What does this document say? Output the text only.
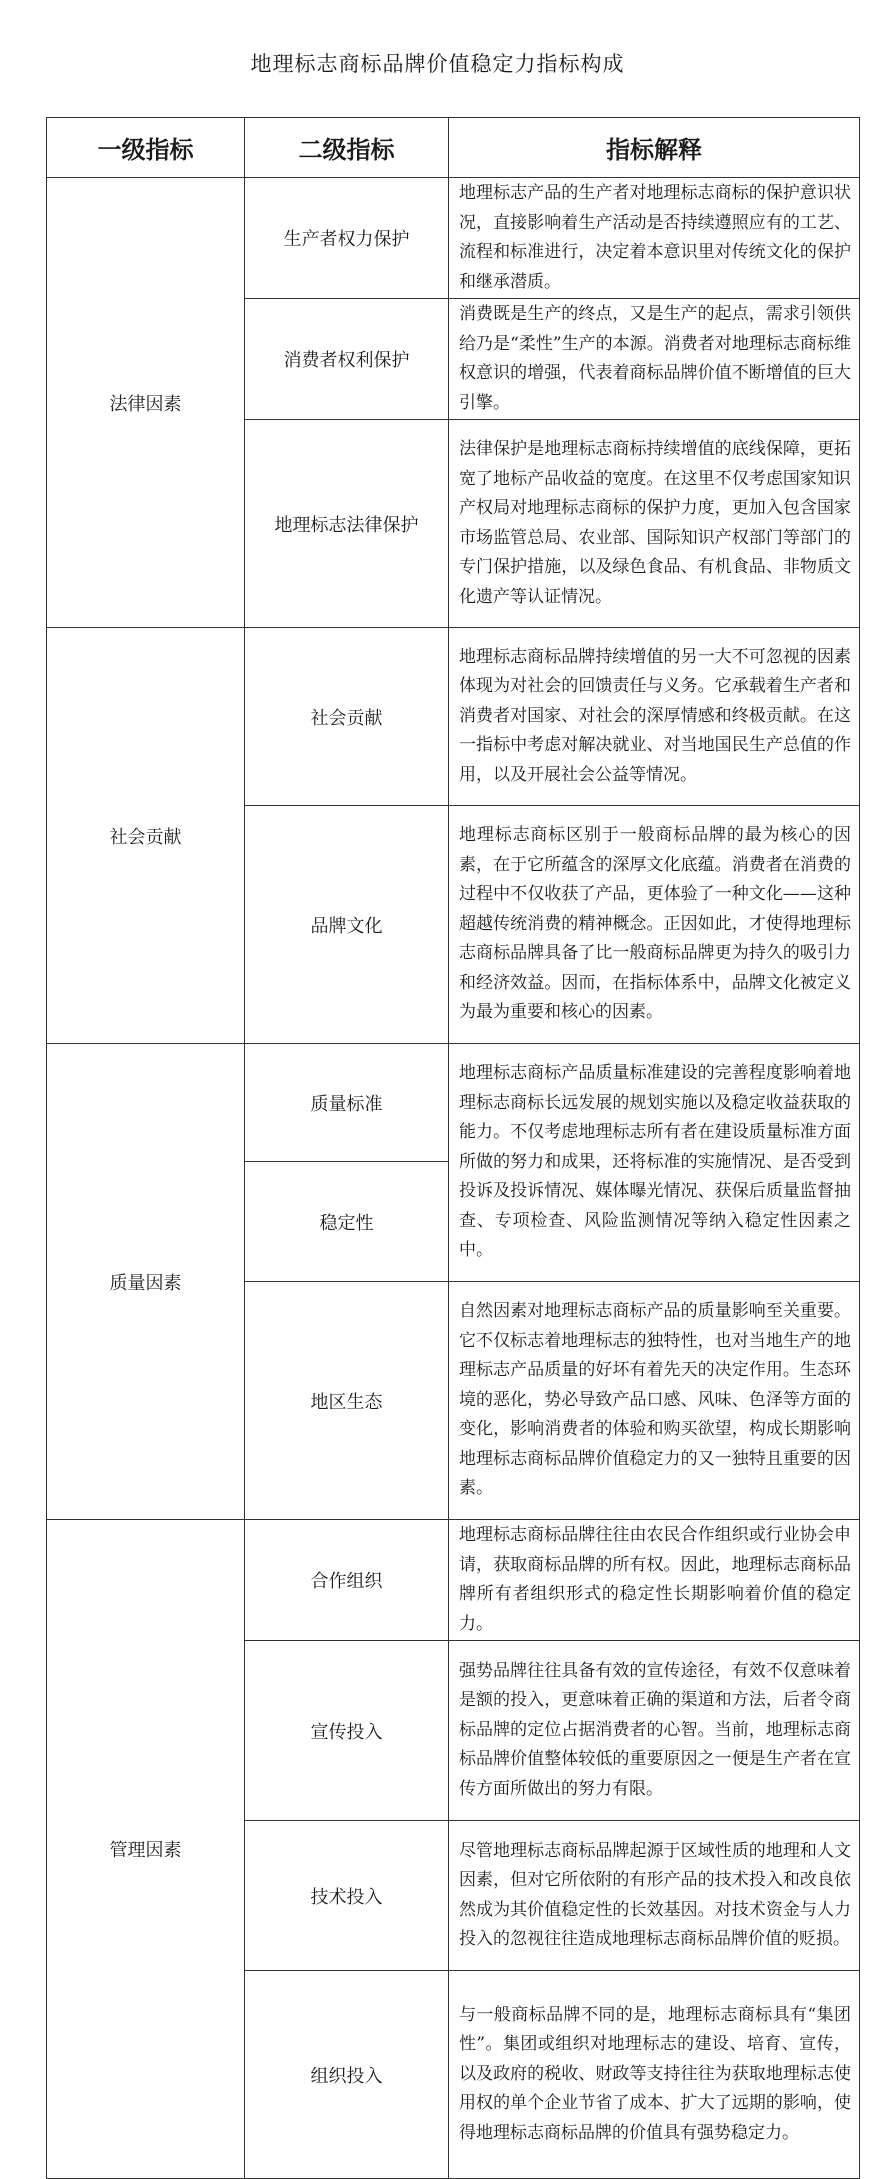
地理标志商标品牌价值稳定力指标构成
一级指标	二级指标	指标解释
法律因素	生产者权力保护	地理标志产品的生产者对地理标志商标的保护意识状况，直接影响着生产活动是否持续遵照应有的工艺、流程和标准进行，决定着本意识里对传统文化的保护和继承潜质。
	消费者权利保护	消费既是生产的终点，又是生产的起点，需求引领供给乃是“柔性”生产的本源。消费者对地理标志商标维权意识的增强，代表着商标品牌价值不断增值的巨大引擎。
	地理标志法律保护	法律保护是地理标志商标持续增值的底线保障，更拓宽了地标产品收益的宽度。在这里不仅考虑国家知识产权局对地理标志商标的保护力度，更加入包含国家市场监管总局、农业部、国际知识产权部门等部门的专门保护措施，以及绿色食品、有机食品、非物质文化遗产等认证情况。
社会贡献	社会贡献	地理标志商标品牌持续增值的另一大不可忽视的因素体现为对社会的回馈责任与义务。它承载着生产者和消费者对国家、对社会的深厚情感和终极贡献。在这一指标中考虑对解决就业、对当地国民生产总值的作用，以及开展社会公益等情况。
	品牌文化	地理标志商标区别于一般商标品牌的最为核心的因素，在于它所蕴含的深厚文化底蕴。消费者在消费的过程中不仅收获了产品，更体验了一种文化——这种超越传统消费的精神概念。正因如此，才使得地理标志商标品牌具备了比一般商标品牌更为持久的吸引力和经济效益。因而，在指标体系中，品牌文化被定义为最为重要和核心的因素。
质量因素	质量标准	地理标志商标产品质量标准建设的完善程度影响着地理标志商标长远发展的规划实施以及稳定收益获取的能力。不仅考虑地理标志所有者在建设质量标准方面所做的努力和成果，还将标准的实施情况、是否受到投诉及投诉情况、媒体曝光情况、获保后质量监督抽查、专项检查、风险监测情况等纳入稳定性因素之中。
	稳定性	
	地区生态	自然因素对地理标志商标产品的质量影响至关重要。它不仅标志着地理标志的独特性，也对当地生产的地理标志产品质量的好坏有着先天的决定作用。生态环境的恶化，势必导致产品口感、风味、色泽等方面的变化，影响消费者的体验和购买欲望，构成长期影响地理标志商标品牌价值稳定力的又一独特且重要的因素。
管理因素	合作组织	地理标志商标品牌往往由农民合作组织或行业协会申请，获取商标品牌的所有权。因此，地理标志商标品牌所有者组织形式的稳定性长期影响着价值的稳定力。
	宣传投入	强势品牌往往具备有效的宣传途径，有效不仅意味着是额的投入，更意味着正确的渠道和方法，后者令商标品牌的定位占据消费者的心智。当前，地理标志商标品牌价值整体较低的重要原因之一便是生产者在宣传方面所做出的努力有限。
	技术投入	尽管地理标志商标品牌起源于区域性质的地理和人文因素，但对它所依附的有形产品的技术投入和改良依然成为其价值稳定性的长效基因。对技术资金与人力投入的忽视往往造成地理标志商标品牌价值的贬损。
	组织投入	与一般商标品牌不同的是，地理标志商标具有“集团性”。集团或组织对地理标志的建设、培育、宣传，以及政府的税收、财政等支持往往为获取地理标志使用权的单个企业节省了成本、扩大了远期的影响，使得地理标志商标品牌的价值具有强势稳定力。
